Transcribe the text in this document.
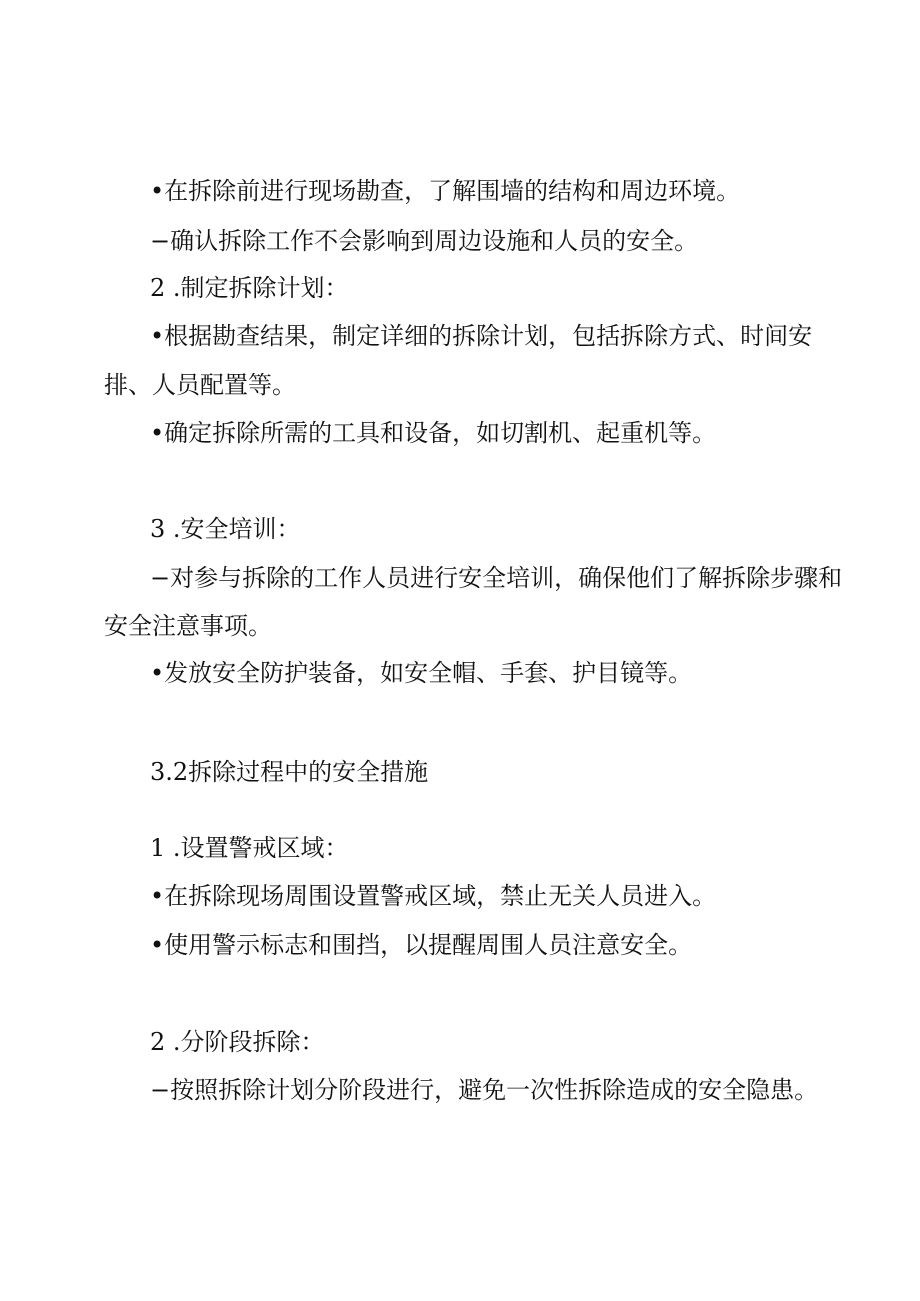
•在拆除前进行现场勘查，了解围墙的结构和周边环境。
−确认拆除工作不会影响到周边设施和人员的安全。
2 .制定拆除计划：
•根据勘查结果，制定详细的拆除计划，包括拆除方式、时间安
排、人员配置等。
•确定拆除所需的工具和设备，如切割机、起重机等。
3 .安全培训：
−对参与拆除的工作人员进行安全培训，确保他们了解拆除步骤和
安全注意事项。
•发放安全防护装备，如安全帽、手套、护目镜等。
3.2拆除过程中的安全措施
1 .设置警戒区域：
•在拆除现场周围设置警戒区域，禁止无关人员进入。
•使用警示标志和围挡，以提醒周围人员注意安全。
2 .分阶段拆除：
−按照拆除计划分阶段进行，避免一次性拆除造成的安全隐患。
